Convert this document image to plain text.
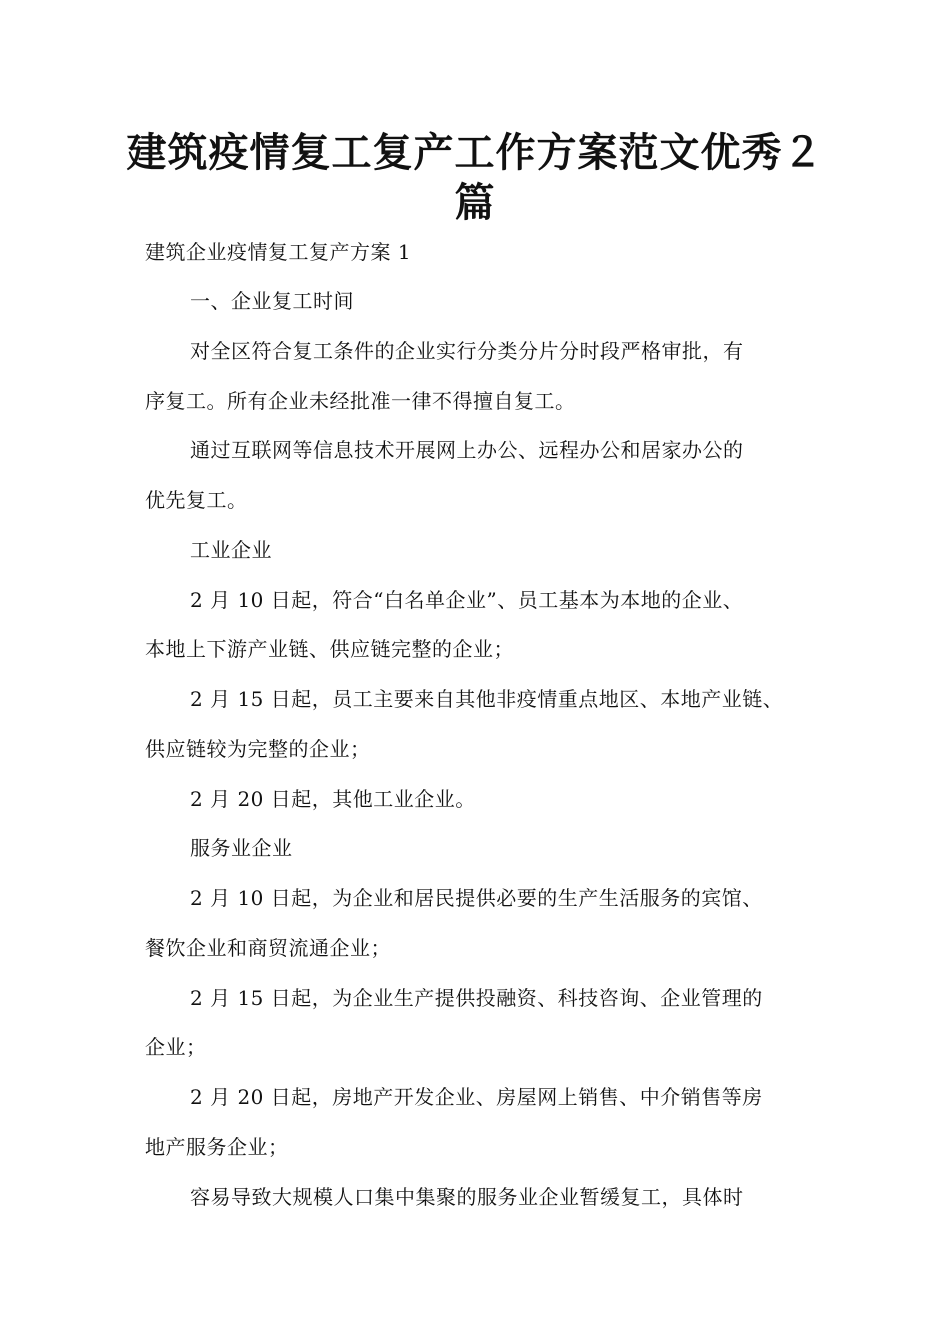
建筑疫情复工复产工作方案范文优秀２
篇
建筑企业疫情复工复产方案 1
一、企业复工时间
对全区符合复工条件的企业实行分类分片分时段严格审批，有
序复工。所有企业未经批准一律不得擅自复工。
通过互联网等信息技术开展网上办公、远程办公和居家办公的
优先复工。
工业企业
2 月 10 日起，符合“白名单企业”、员工基本为本地的企业、
本地上下游产业链、供应链完整的企业；
2 月 15 日起，员工主要来自其他非疫情重点地区、本地产业链、
供应链较为完整的企业；
2 月 20 日起，其他工业企业。
服务业企业
2 月 10 日起，为企业和居民提供必要的生产生活服务的宾馆、
餐饮企业和商贸流通企业；
2 月 15 日起，为企业生产提供投融资、科技咨询、企业管理的
企业；
2 月 20 日起，房地产开发企业、房屋网上销售、中介销售等房
地产服务企业；
容易导致大规模人口集中集聚的服务业企业暂缓复工，具体时
